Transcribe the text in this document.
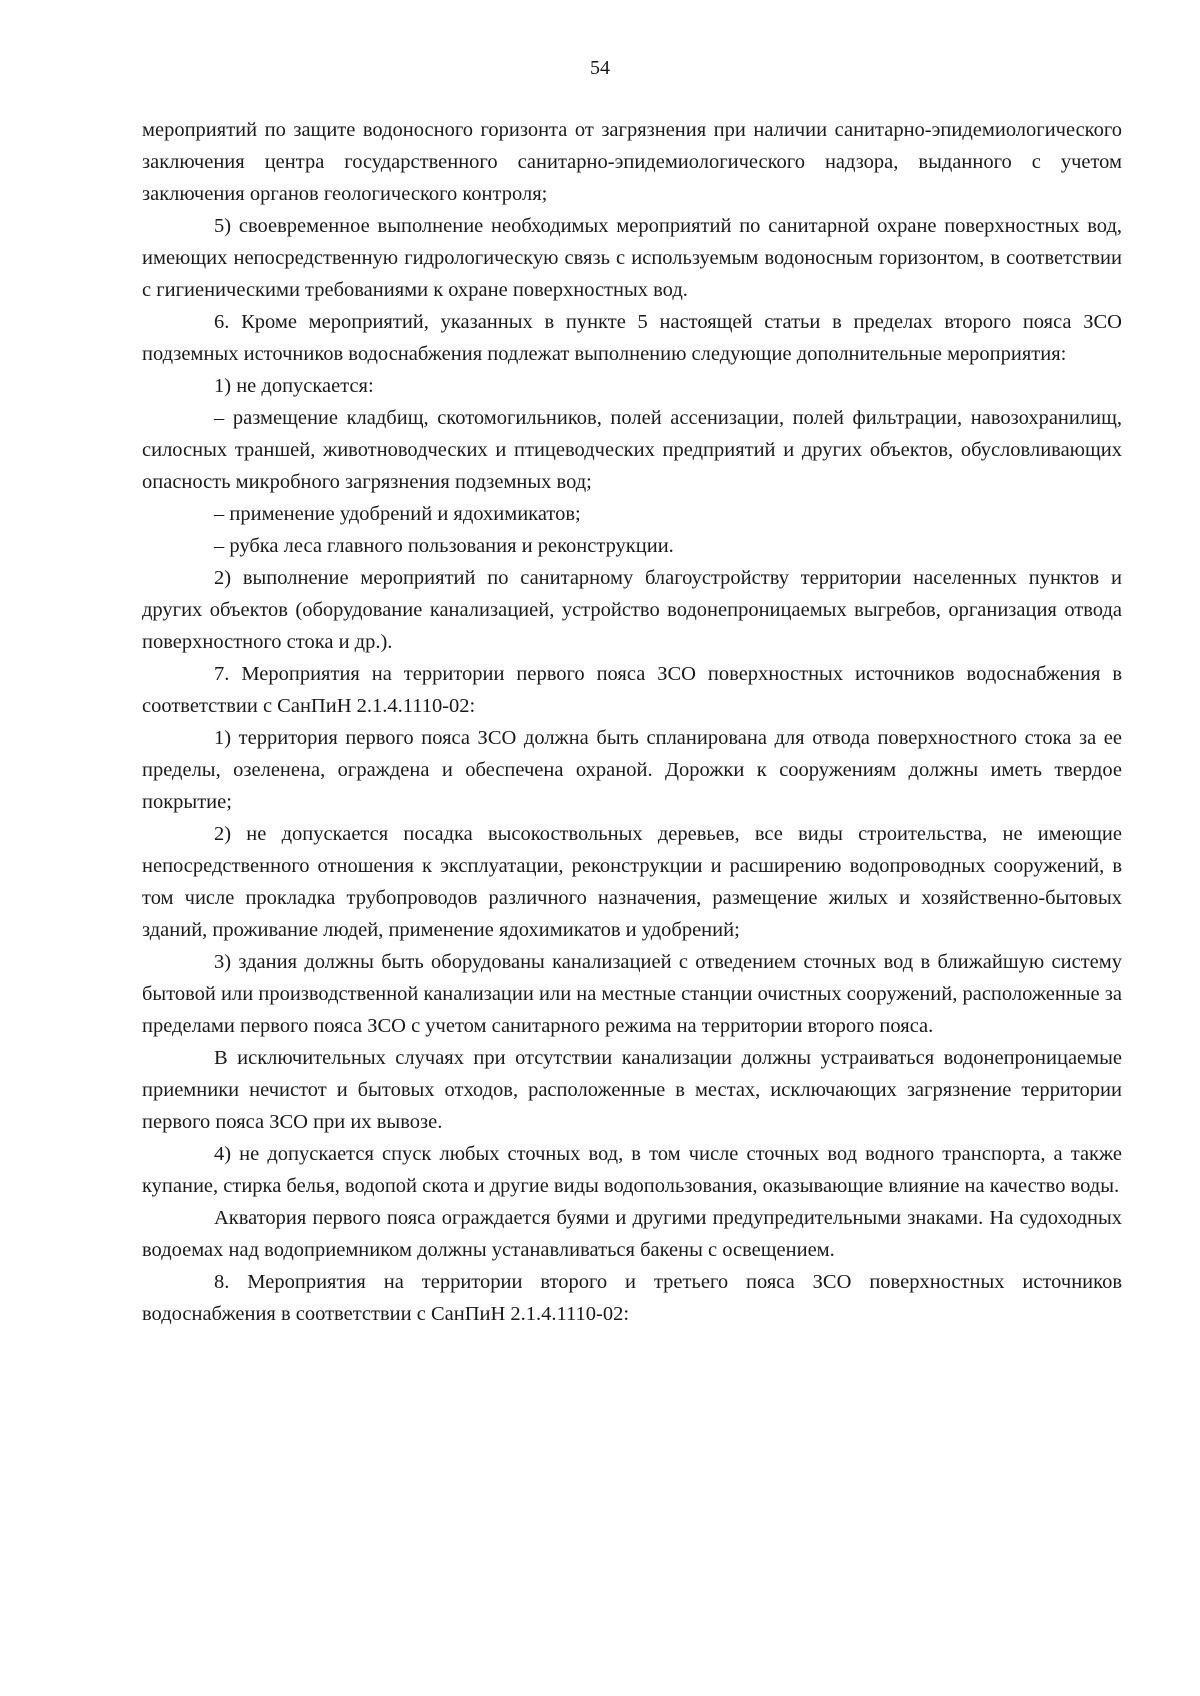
54

мероприятий по защите водоносного горизонта от загрязнения при наличии санитарно-эпидемиологического заключения центра государственного санитарно-эпидемиологического надзора, выданного с учетом заключения органов геологического контроля;

5) своевременное выполнение необходимых мероприятий по санитарной охране поверхностных вод, имеющих непосредственную гидрологическую связь с используемым водоносным горизонтом, в соответствии с гигиеническими требованиями к охране поверхностных вод.

6. Кроме мероприятий, указанных в пункте 5 настоящей статьи в пределах второго пояса ЗСО подземных источников водоснабжения подлежат выполнению следующие дополнительные мероприятия:

1) не допускается:

– размещение кладбищ, скотомогильников, полей ассенизации, полей фильтрации, навозохранилищ, силосных траншей, животноводческих и птицеводческих предприятий и других объектов, обусловливающих опасность микробного загрязнения подземных вод;

– применение удобрений и ядохимикатов;

– рубка леса главного пользования и реконструкции.

2) выполнение мероприятий по санитарному благоустройству территории населенных пунктов и других объектов (оборудование канализацией, устройство водонепроницаемых выгребов, организация отвода поверхностного стока и др.).

7. Мероприятия на территории первого пояса ЗСО поверхностных источников водоснабжения в соответствии с СанПиН 2.1.4.1110-02:

1) территория первого пояса ЗСО должна быть спланирована для отвода поверхностного стока за ее пределы, озеленена, ограждена и обеспечена охраной. Дорожки к сооружениям должны иметь твердое покрытие;

2) не допускается посадка высокоствольных деревьев, все виды строительства, не имеющие непосредственного отношения к эксплуатации, реконструкции и расширению водопроводных сооружений, в том числе прокладка трубопроводов различного назначения, размещение жилых и хозяйственно-бытовых зданий, проживание людей, применение ядохимикатов и удобрений;

3) здания должны быть оборудованы канализацией с отведением сточных вод в ближайшую систему бытовой или производственной канализации или на местные станции очистных сооружений, расположенные за пределами первого пояса ЗСО с учетом санитарного режима на территории второго пояса.

В исключительных случаях при отсутствии канализации должны устраиваться водонепроницаемые приемники нечистот и бытовых отходов, расположенные в местах, исключающих загрязнение территории первого пояса ЗСО при их вывозе.

4) не допускается спуск любых сточных вод, в том числе сточных вод водного транспорта, а также купание, стирка белья, водопой скота и другие виды водопользования, оказывающие влияние на качество воды.

Акватория первого пояса ограждается буями и другими предупредительными знаками. На судоходных водоемах над водоприемником должны устанавливаться бакены с освещением.

8. Мероприятия на территории второго и третьего пояса ЗСО поверхностных источников водоснабжения в соответствии с СанПиН 2.1.4.1110-02:
